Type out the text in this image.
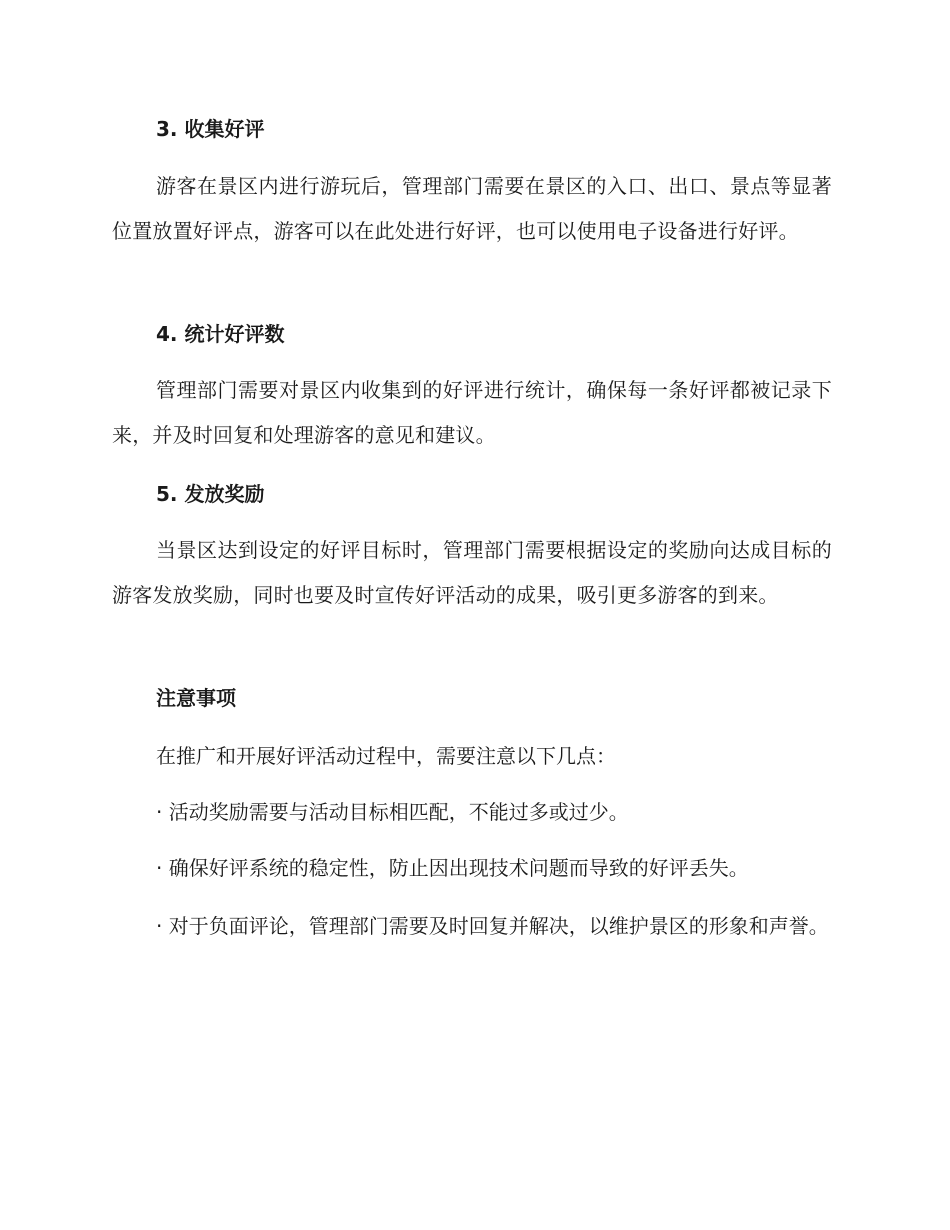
3. 收集好评
游客在景区内进行游玩后，管理部门需要在景区的入口、出口、景点等显著位置放置好评点，游客可以在此处进行好评，也可以使用电子设备进行好评。
4. 统计好评数
管理部门需要对景区内收集到的好评进行统计，确保每一条好评都被记录下来，并及时回复和处理游客的意见和建议。
5. 发放奖励
当景区达到设定的好评目标时，管理部门需要根据设定的奖励向达成目标的游客发放奖励，同时也要及时宣传好评活动的成果，吸引更多游客的到来。
注意事项
在推广和开展好评活动过程中，需要注意以下几点：
· 活动奖励需要与活动目标相匹配，不能过多或过少。
· 确保好评系统的稳定性，防止因出现技术问题而导致的好评丢失。
· 对于负面评论，管理部门需要及时回复并解决，以维护景区的形象和声誉。
